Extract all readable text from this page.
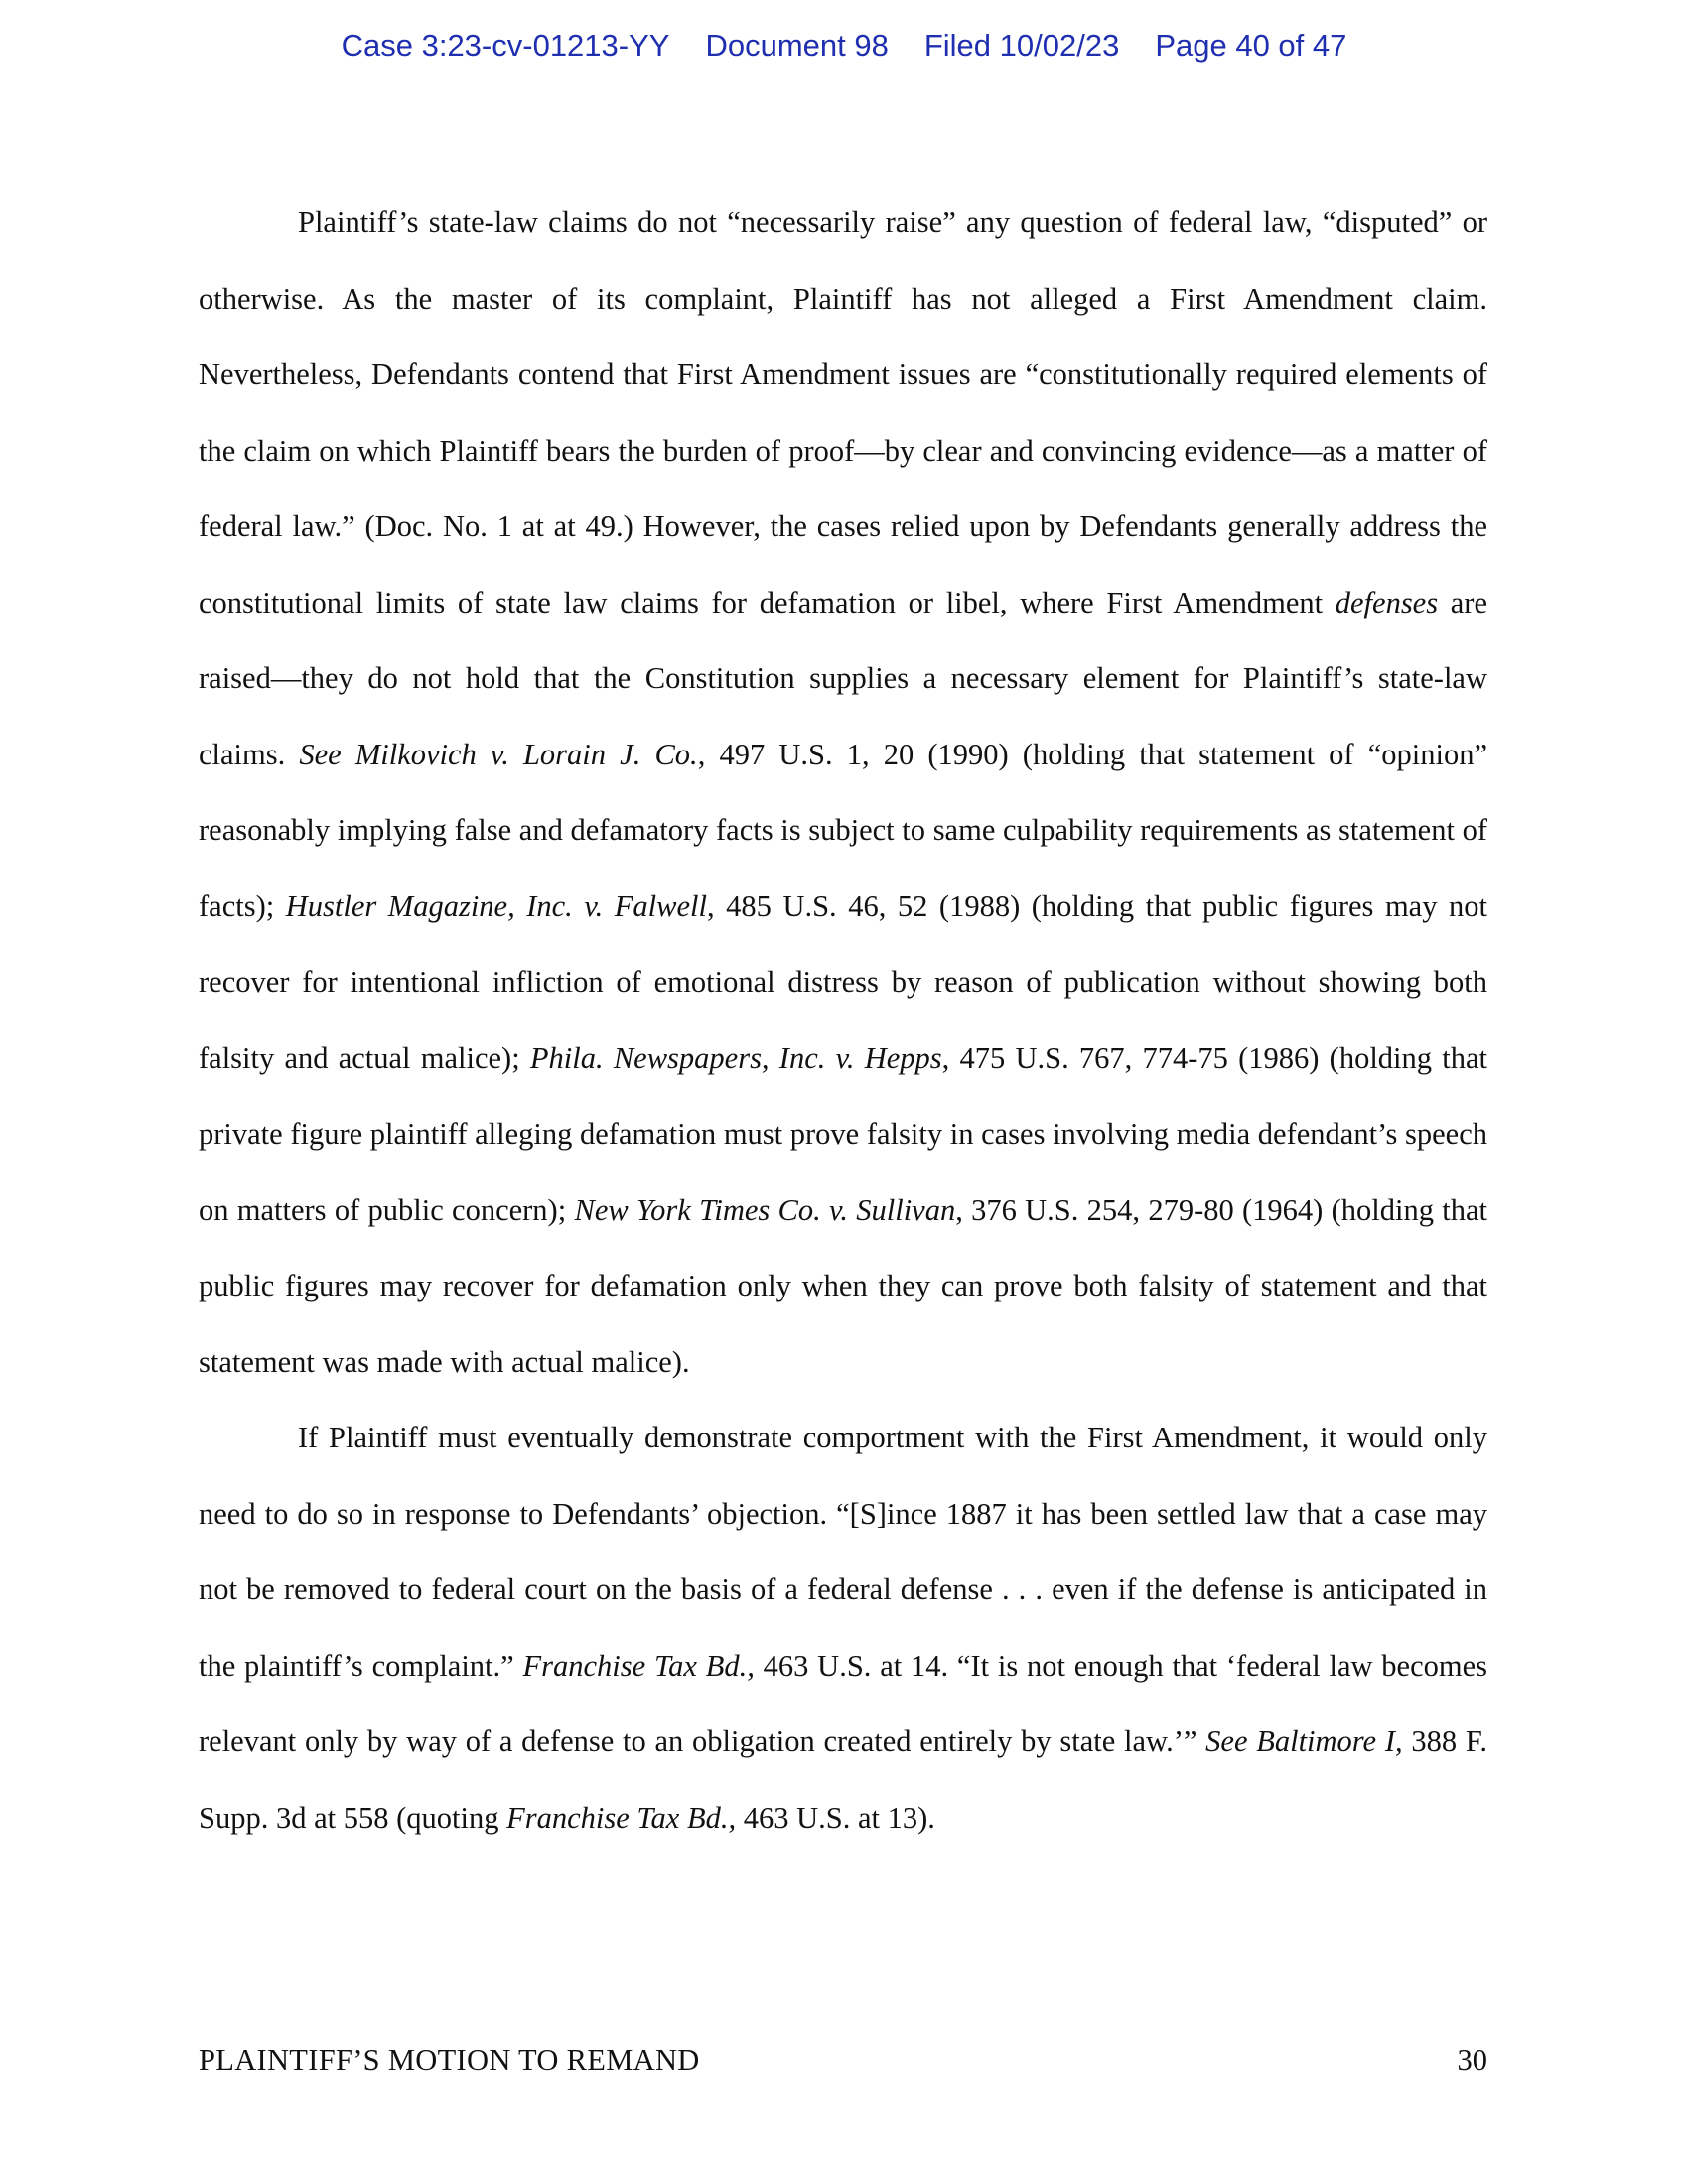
Case 3:23-cv-01213-YY Document 98 Filed 10/02/23 Page 40 of 47

Plaintiff’s state-law claims do not “necessarily raise” any question of federal law, “disputed” or otherwise. As the master of its complaint, Plaintiff has not alleged a First Amendment claim. Nevertheless, Defendants contend that First Amendment issues are “constitutionally required elements of the claim on which Plaintiff bears the burden of proof—by clear and convincing evidence—as a matter of federal law.” (Doc. No. 1 at at 49.) However, the cases relied upon by Defendants generally address the constitutional limits of state law claims for defamation or libel, where First Amendment defenses are raised—they do not hold that the Constitution supplies a necessary element for Plaintiff’s state-law claims. See Milkovich v. Lorain J. Co., 497 U.S. 1, 20 (1990) (holding that statement of “opinion” reasonably implying false and defamatory facts is subject to same culpability requirements as statement of facts); Hustler Magazine, Inc. v. Falwell, 485 U.S. 46, 52 (1988) (holding that public figures may not recover for intentional infliction of emotional distress by reason of publication without showing both falsity and actual malice); Phila. Newspapers, Inc. v. Hepps, 475 U.S. 767, 774-75 (1986) (holding that private figure plaintiff alleging defamation must prove falsity in cases involving media defendant’s speech on matters of public concern); New York Times Co. v. Sullivan, 376 U.S. 254, 279-80 (1964) (holding that public figures may recover for defamation only when they can prove both falsity of statement and that statement was made with actual malice).

If Plaintiff must eventually demonstrate comportment with the First Amendment, it would only need to do so in response to Defendants’ objection. “[S]ince 1887 it has been settled law that a case may not be removed to federal court on the basis of a federal defense . . . even if the defense is anticipated in the plaintiff’s complaint.” Franchise Tax Bd., 463 U.S. at 14. “It is not enough that ‘federal law becomes relevant only by way of a defense to an obligation created entirely by state law.’” See Baltimore I, 388 F. Supp. 3d at 558 (quoting Franchise Tax Bd., 463 U.S. at 13).

PLAINTIFF’S MOTION TO REMAND	30
